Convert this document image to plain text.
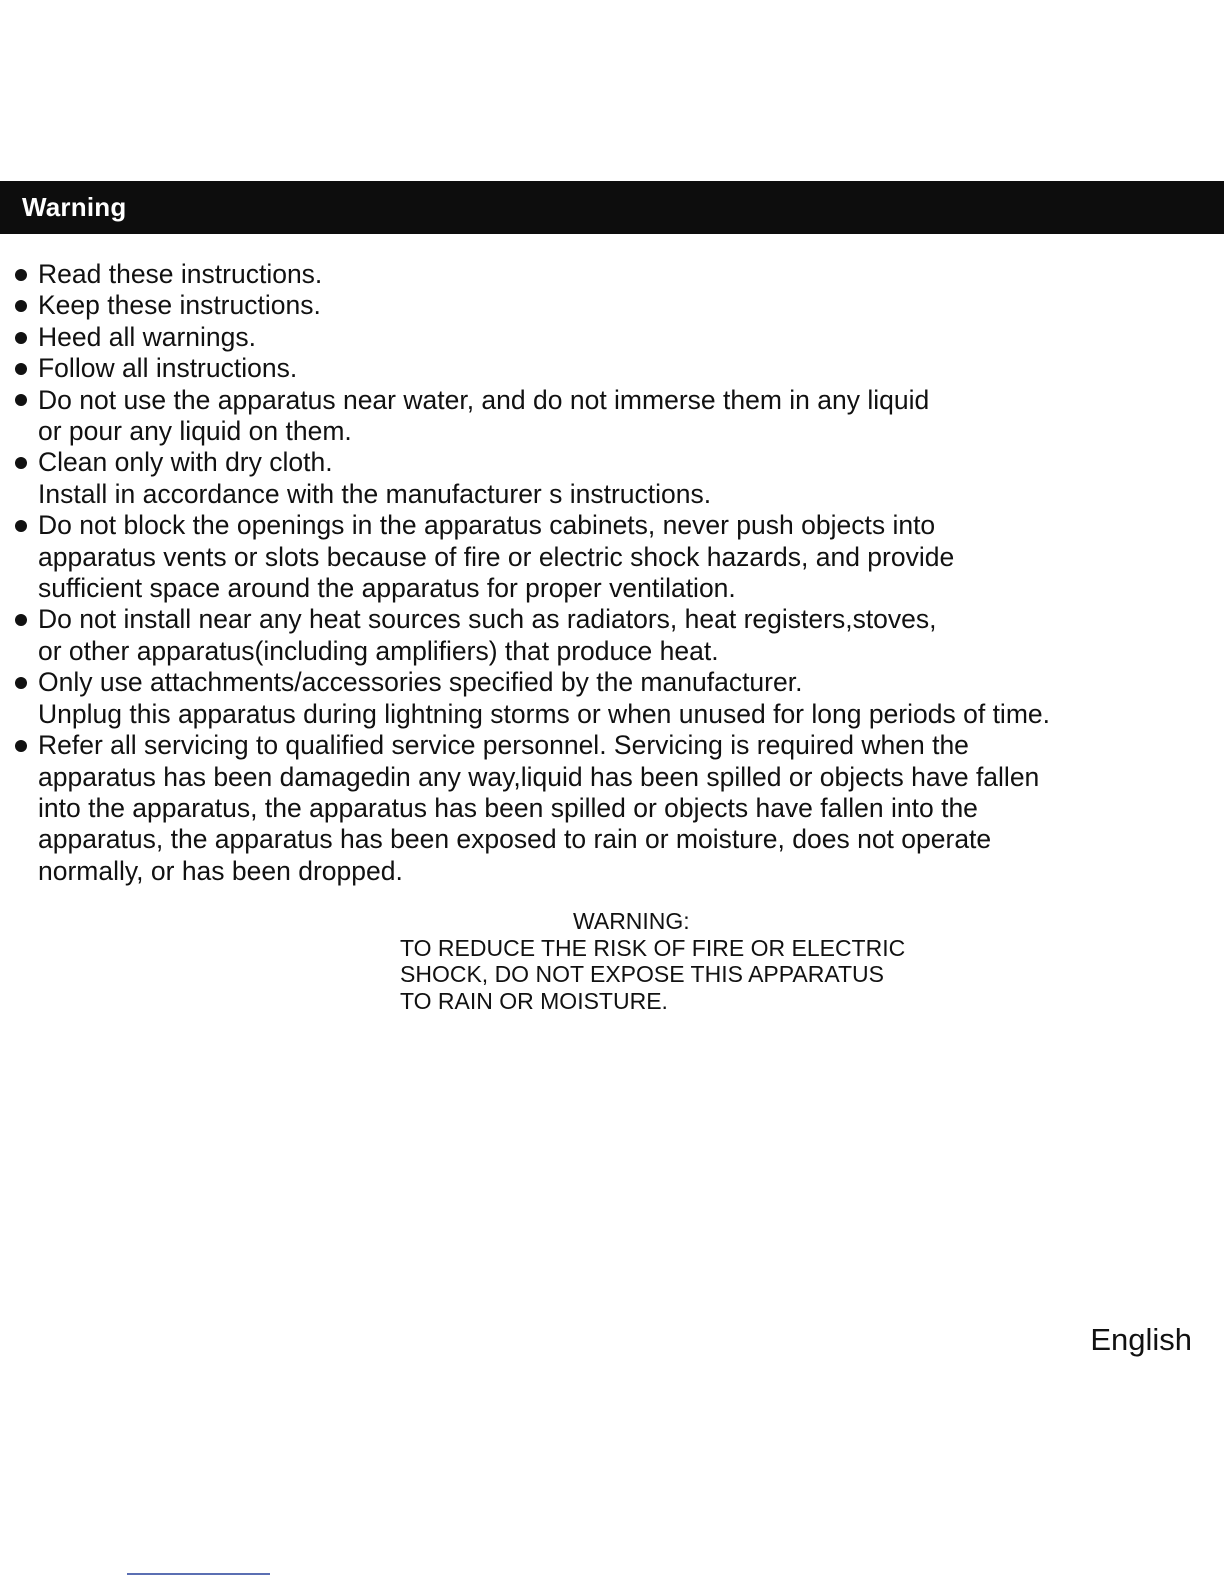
Warning
Read these instructions.
Keep these instructions.
Heed all warnings.
Follow all instructions.
Do not use the apparatus near water, and do not immerse them in any liquid
or pour any liquid on them.
Clean only with dry cloth.
Install in accordance with the manufacturer s instructions.
Do not block the openings in the apparatus cabinets, never push objects into
apparatus vents or slots because of fire or electric shock hazards, and provide
sufficient space around the apparatus for proper ventilation.
Do not install near any heat sources such as radiators, heat registers,stoves,
or other apparatus(including amplifiers) that produce heat.
Only use attachments/accessories specified by the manufacturer.
Unplug this apparatus during lightning storms or when unused for long periods of time.
Refer all servicing to qualified service personnel. Servicing is required when the
apparatus has been damagedin any way,liquid has been spilled or objects have fallen
into the apparatus, the apparatus has been spilled or objects have fallen into the
apparatus, the apparatus has been exposed to rain or moisture, does not operate
normally, or has been dropped.
WARNING:
TO REDUCE THE RISK OF FIRE OR ELECTRIC
SHOCK, DO NOT EXPOSE THIS APPARATUS
TO RAIN OR MOISTURE.
English
